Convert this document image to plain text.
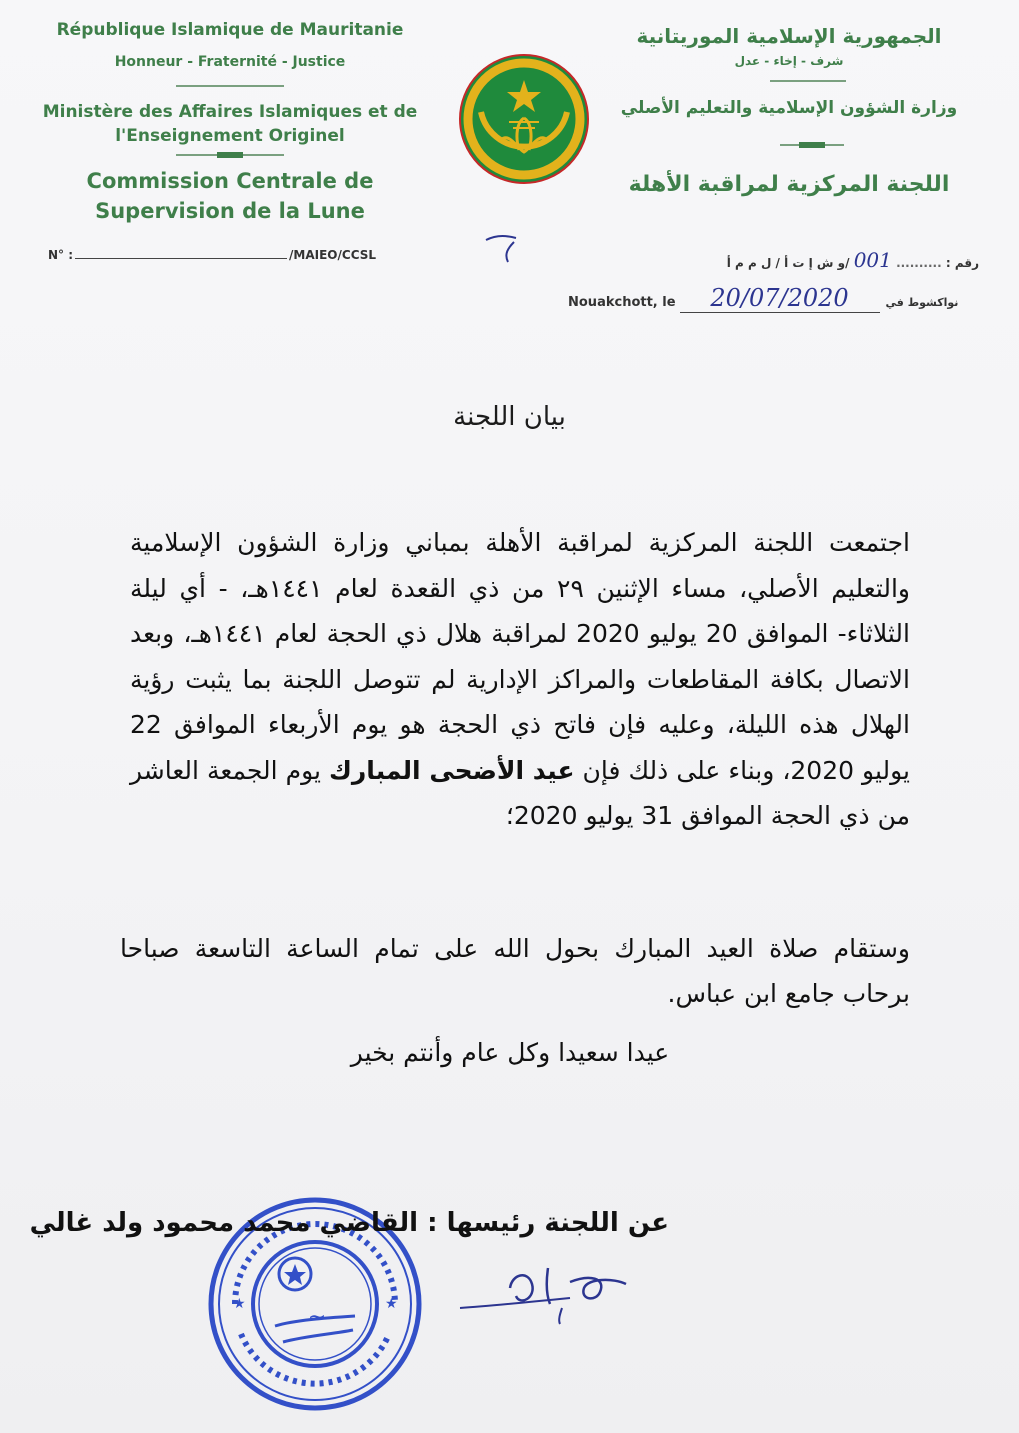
République Islamique de Mauritanie
Honneur - Fraternité - Justice
Ministère des Affaires Islamiques et de
l'Enseignement Originel
Commission Centrale de
Supervision de la Lune
الجمهورية الإسلامية الموريتانية
شرف - إخاء - عدل
وزارة الشؤون الإسلامية والتعليم الأصلي
اللجنة المركزية لمراقبة الأهلة
N° :	/MAIEO/CCSL
رقم : .......... 001 /و ش إ ت أ / ل م م أ
Nouakchott, le 20/07/2020	نواكشوط في
بيان اللجنة
اجتمعت اللجنة المركزية لمراقبة الأهلة بمباني وزارة الشؤون الإسلامية والتعليم الأصلي، مساء الإثنين ٢٩ من ذي القعدة لعام ١٤٤١هـ، - أي ليلة الثلاثاء- الموافق 20 يوليو 2020 لمراقبة هلال ذي الحجة لعام ١٤٤١هـ، وبعد الاتصال بكافة المقاطعات والمراكز الإدارية لم تتوصل اللجنة بما يثبت رؤية الهلال هذه الليلة، وعليه فإن فاتح ذي الحجة هو يوم الأربعاء الموافق 22 يوليو 2020، وبناء على ذلك فإن عيد الأضحى المبارك يوم الجمعة العاشر من ذي الحجة الموافق 31 يوليو 2020؛
وستقام صلاة العيد المبارك بحول الله على تمام الساعة التاسعة صباحا برحاب جامع ابن عباس.
عيدا سعيدا وكل عام وأنتم بخير
~
★	★
عن اللجنة رئيسها : القاضي محمد محمود ولد غالي
